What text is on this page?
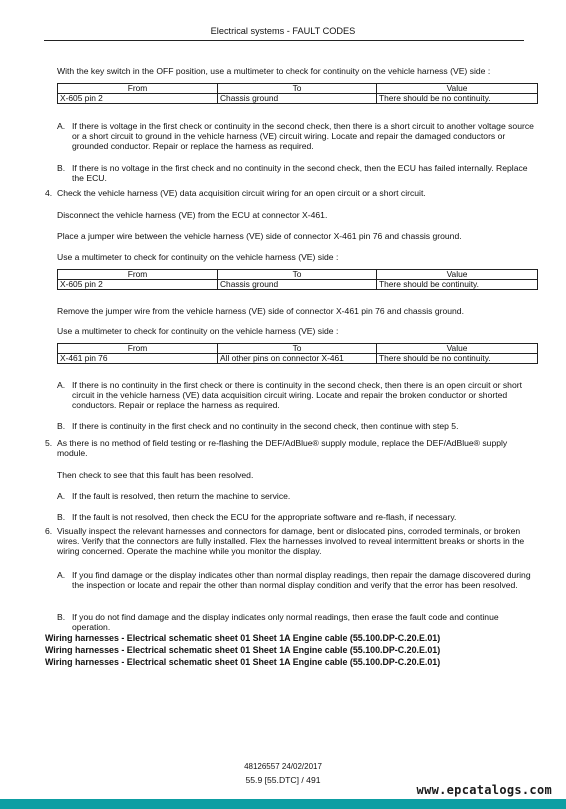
Electrical systems - FAULT CODES
With the key switch in the OFF position, use a multimeter to check for continuity on the vehicle harness (VE) side :
From	To	Value
X-605 pin 2	Chassis ground	There should be no continuity.
A. If there is voltage in the first check or continuity in the second check, then there is a short circuit to another voltage source or a short circuit to ground in the vehicle harness (VE) circuit wiring. Locate and repair the damaged conductors or grounded conductor. Repair or replace the harness as required.
B. If there is no voltage in the first check and no continuity in the second check, then the ECU has failed internally. Replace the ECU.
4. Check the vehicle harness (VE) data acquisition circuit wiring for an open circuit or a short circuit.
Disconnect the vehicle harness (VE) from the ECU at connector X-461.
Place a jumper wire between the vehicle harness (VE) side of connector X-461 pin 76 and chassis ground.
Use a multimeter to check for continuity on the vehicle harness (VE) side :
From	To	Value
X-605 pin 2	Chassis ground	There should be continuity.
Remove the jumper wire from the vehicle harness (VE) side of connector X-461 pin 76 and chassis ground.
Use a multimeter to check for continuity on the vehicle harness (VE) side :
From	To	Value
X-461 pin 76	All other pins on connector X-461	There should be no continuity.
A. If there is no continuity in the first check or there is continuity in the second check, then there is an open circuit or short circuit in the vehicle harness (VE) data acquisition circuit wiring. Locate and repair the broken conductor or shorted conductors. Repair or replace the harness as required.
B. If there is continuity in the first check and no continuity in the second check, then continue with step 5.
5. As there is no method of field testing or re-flashing the DEF/AdBlue® supply module, replace the DEF/AdBlue® supply module.
Then check to see that this fault has been resolved.
A. If the fault is resolved, then return the machine to service.
B. If the fault is not resolved, then check the ECU for the appropriate software and re-flash, if necessary.
6. Visually inspect the relevant harnesses and connectors for damage, bent or dislocated pins, corroded terminals, or broken wires. Verify that the connectors are fully installed. Flex the harnesses involved to reveal intermittent breaks or shorts in the wiring concerned. Operate the machine while you monitor the display.
A. If you find damage or the display indicates other than normal display readings, then repair the damage discovered during the inspection or locate and repair the other than normal display condition and verify that the error has been resolved.
B. If you do not find damage and the display indicates only normal readings, then erase the fault code and continue operation.
Wiring harnesses - Electrical schematic sheet 01 Sheet 1A Engine cable (55.100.DP-C.20.E.01)
Wiring harnesses - Electrical schematic sheet 01 Sheet 1A Engine cable (55.100.DP-C.20.E.01)
Wiring harnesses - Electrical schematic sheet 01 Sheet 1A Engine cable (55.100.DP-C.20.E.01)
48126557 24/02/2017
55.9 [55.DTC] / 491
www.epcatalogs.com
